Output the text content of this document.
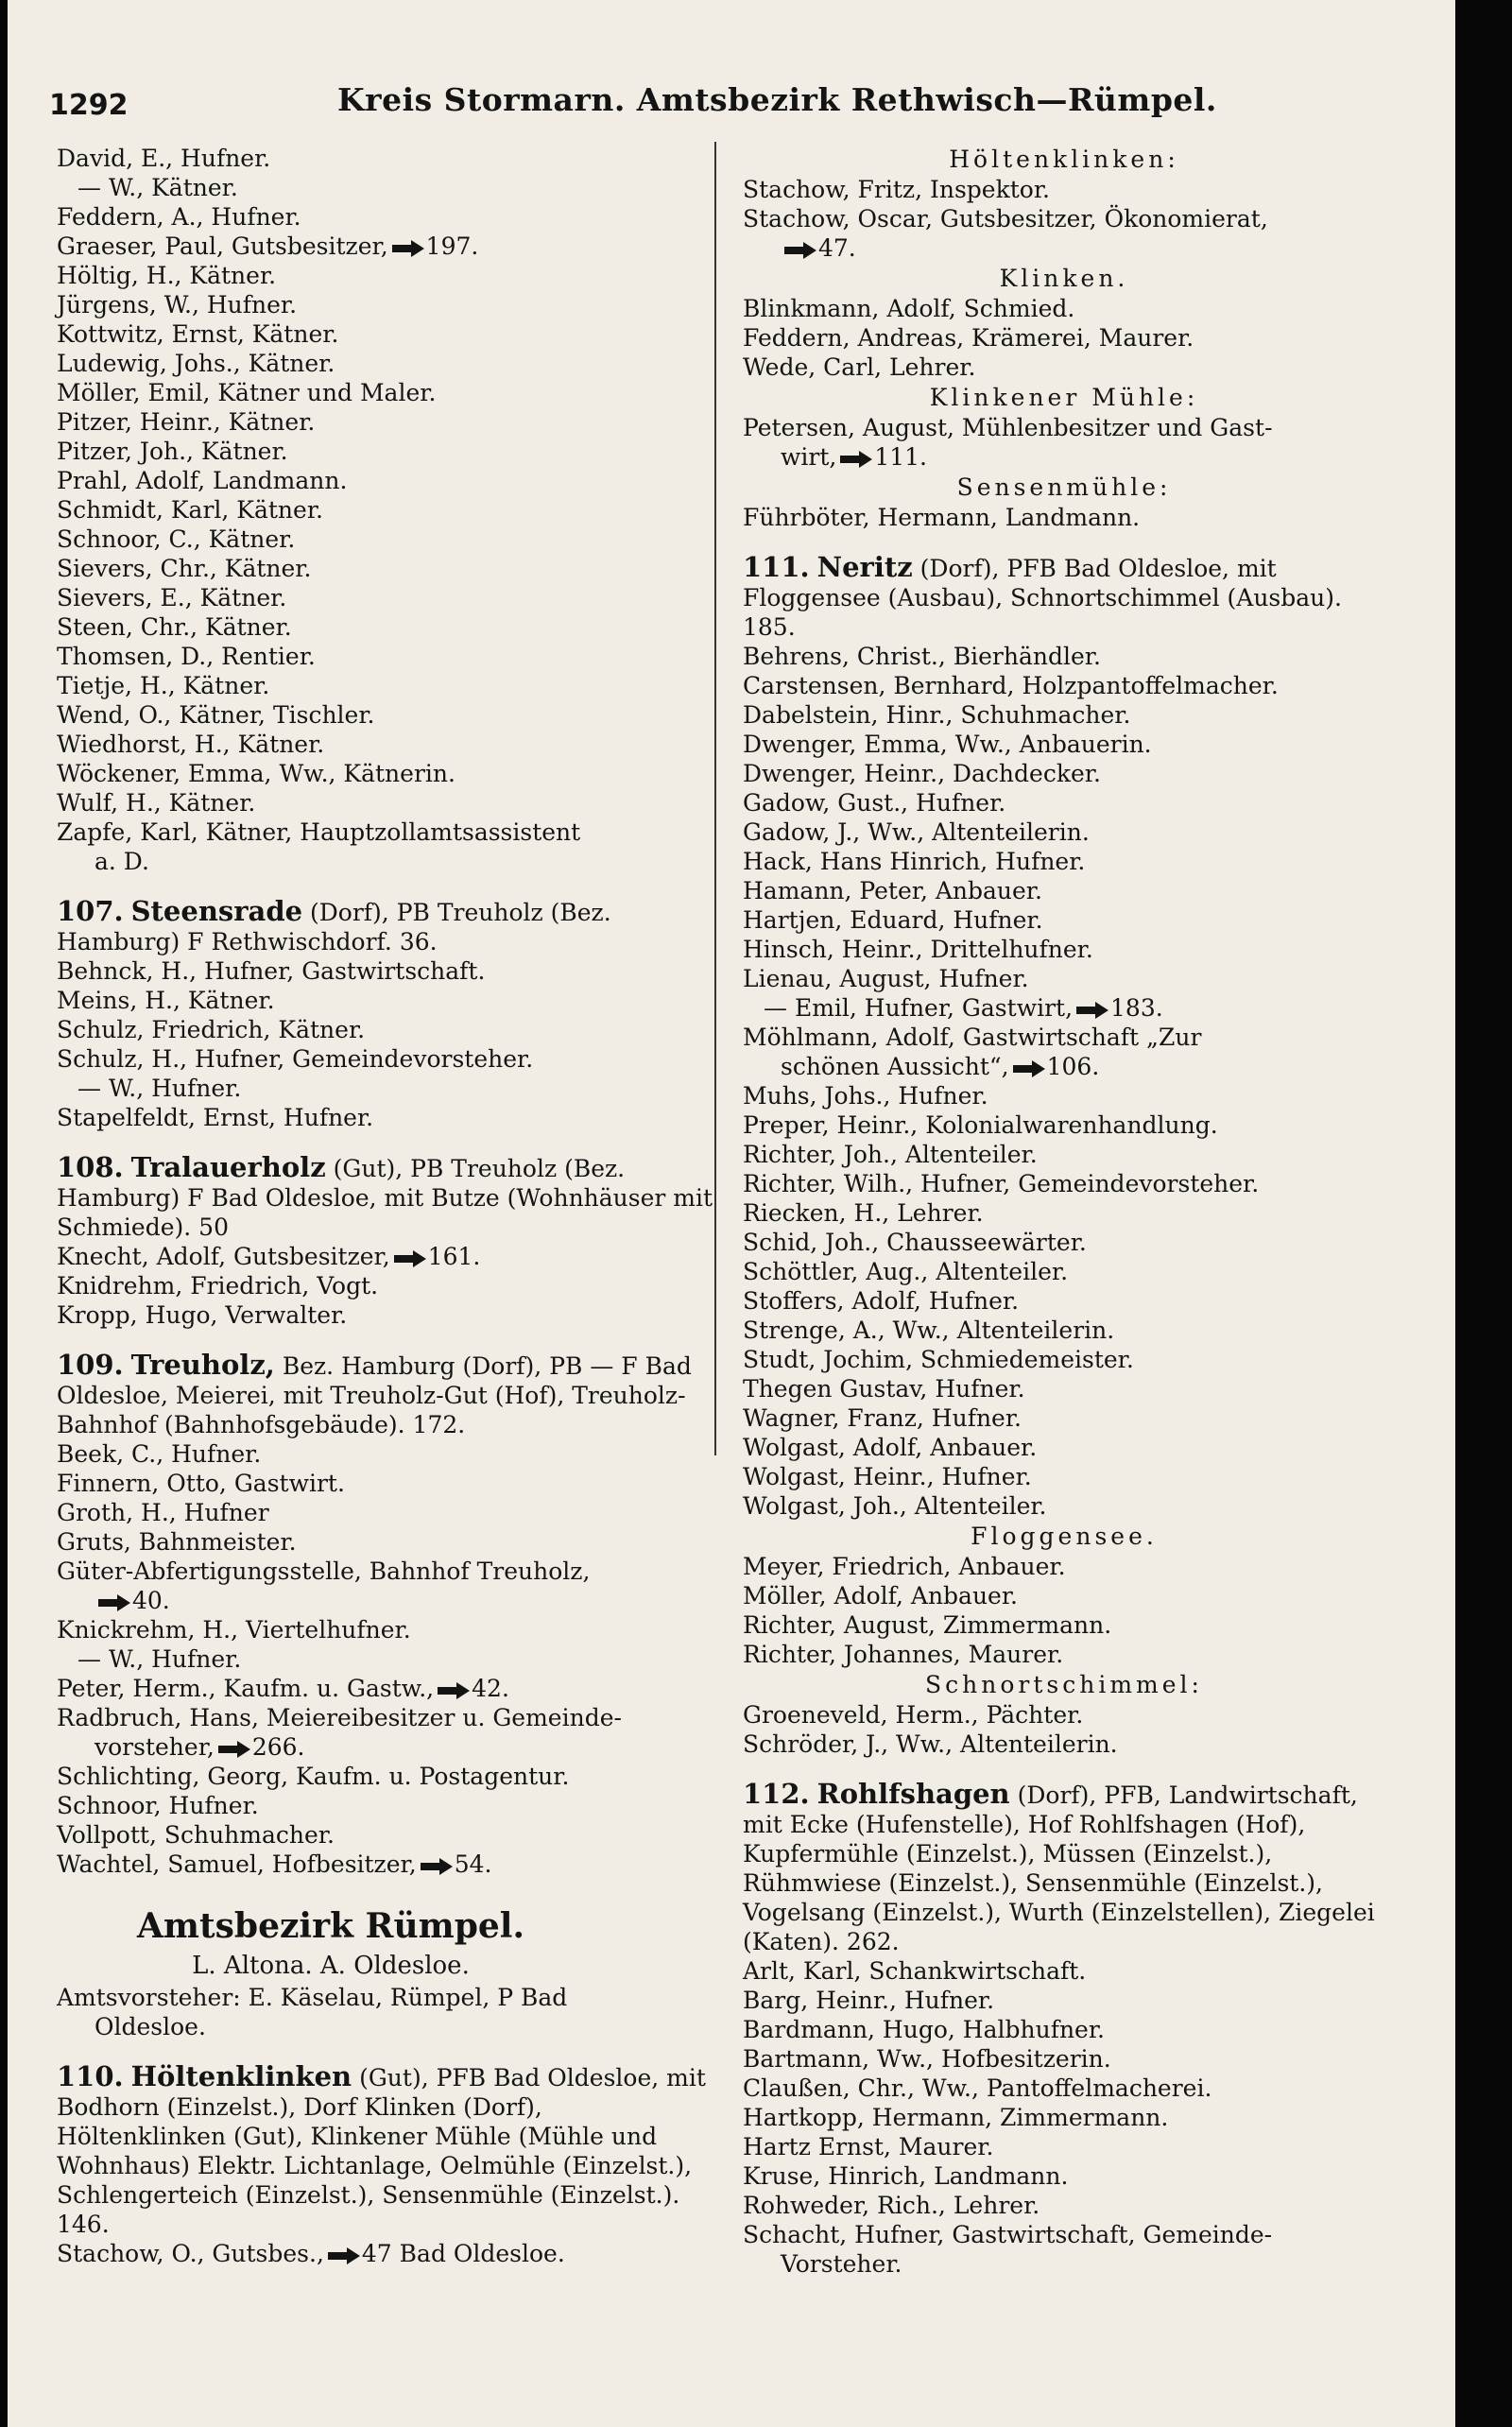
1292	Kreis Stormarn. Amtsbezirk Rethwisch—Rümpel.
David, E., Hufner.
— W., Kätner.
Feddern, A., Hufner.
Graeser, Paul, Gutsbesitzer, 197.
Höltig, H., Kätner.
Jürgens, W., Hufner.
Kottwitz, Ernst, Kätner.
Ludewig, Johs., Kätner.
Möller, Emil, Kätner und Maler.
Pitzer, Heinr., Kätner.
Pitzer, Joh., Kätner.
Prahl, Adolf, Landmann.
Schmidt, Karl, Kätner.
Schnoor, C., Kätner.
Sievers, Chr., Kätner.
Sievers, E., Kätner.
Steen, Chr., Kätner.
Thomsen, D., Rentier.
Tietje, H., Kätner.
Wend, O., Kätner, Tischler.
Wiedhorst, H., Kätner.
Wöckener, Emma, Ww., Kätnerin.
Wulf, H., Kätner.
Zapfe, Karl, Kätner, Hauptzollamtsassistent
a. D.
107. Steensrade (Dorf), PB Treuholz (Bez. Hamburg) F Rethwischdorf. 36.
Behnck, H., Hufner, Gastwirtschaft.
Meins, H., Kätner.
Schulz, Friedrich, Kätner.
Schulz, H., Hufner, Gemeindevorsteher.
— W., Hufner.
Stapelfeldt, Ernst, Hufner.
108. Tralauerholz (Gut), PB Treuholz (Bez. Hamburg) F Bad Oldesloe, mit Butze (Wohnhäuser mit Schmiede). 50
Knecht, Adolf, Gutsbesitzer, 161.
Knidrehm, Friedrich, Vogt.
Kropp, Hugo, Verwalter.
109. Treuholz, Bez. Hamburg (Dorf), PB — F Bad Oldesloe, Meierei, mit Treuholz-Gut (Hof), Treuholz-Bahnhof (Bahnhofsgebäude). 172.
Beek, C., Hufner.
Finnern, Otto, Gastwirt.
Groth, H., Hufner
Gruts, Bahnmeister.
Güter-Abfertigungsstelle, Bahnhof Treuholz,
40.
Knickrehm, H., Viertelhufner.
— W., Hufner.
Peter, Herm., Kaufm. u. Gastw., 42.
Radbruch, Hans, Meiereibesitzer u. Gemeinde-
vorsteher, 266.
Schlichting, Georg, Kaufm. u. Postagentur.
Schnoor, Hufner.
Vollpott, Schuhmacher.
Wachtel, Samuel, Hofbesitzer, 54.
Amtsbezirk Rümpel.
L. Altona. A. Oldesloe.
Amtsvorsteher: E. Käselau, Rümpel, P Bad
Oldesloe.
110. Höltenklinken (Gut), PFB Bad Oldesloe, mit Bodhorn (Einzelst.), Dorf Klinken (Dorf), Höltenklinken (Gut), Klinkener Mühle (Mühle und Wohnhaus) Elektr. Lichtanlage, Oelmühle (Einzelst.), Schlengerteich (Einzelst.), Sensenmühle (Einzelst.). 146.
Stachow, O., Gutsbes., 47 Bad Oldesloe.
Höltenklinken:
Stachow, Fritz, Inspektor.
Stachow, Oscar, Gutsbesitzer, Ökonomierat,
47.
Klinken.
Blinkmann, Adolf, Schmied.
Feddern, Andreas, Krämerei, Maurer.
Wede, Carl, Lehrer.
Klinkener Mühle:
Petersen, August, Mühlenbesitzer und Gast-
wirt, 111.
Sensenmühle:
Führböter, Hermann, Landmann.
111. Neritz (Dorf), PFB Bad Oldesloe, mit Floggensee (Ausbau), Schnortschimmel (Ausbau). 185.
Behrens, Christ., Bierhändler.
Carstensen, Bernhard, Holzpantoffelmacher.
Dabelstein, Hinr., Schuhmacher.
Dwenger, Emma, Ww., Anbauerin.
Dwenger, Heinr., Dachdecker.
Gadow, Gust., Hufner.
Gadow, J., Ww., Altenteilerin.
Hack, Hans Hinrich, Hufner.
Hamann, Peter, Anbauer.
Hartjen, Eduard, Hufner.
Hinsch, Heinr., Drittelhufner.
Lienau, August, Hufner.
— Emil, Hufner, Gastwirt, 183.
Möhlmann, Adolf, Gastwirtschaft „Zur
schönen Aussicht“, 106.
Muhs, Johs., Hufner.
Preper, Heinr., Kolonialwarenhandlung.
Richter, Joh., Altenteiler.
Richter, Wilh., Hufner, Gemeindevorsteher.
Riecken, H., Lehrer.
Schid, Joh., Chausseewärter.
Schöttler, Aug., Altenteiler.
Stoffers, Adolf, Hufner.
Strenge, A., Ww., Altenteilerin.
Studt, Jochim, Schmiedemeister.
Thegen Gustav, Hufner.
Wagner, Franz, Hufner.
Wolgast, Adolf, Anbauer.
Wolgast, Heinr., Hufner.
Wolgast, Joh., Altenteiler.
Floggensee.
Meyer, Friedrich, Anbauer.
Möller, Adolf, Anbauer.
Richter, August, Zimmermann.
Richter, Johannes, Maurer.
Schnortschimmel:
Groeneveld, Herm., Pächter.
Schröder, J., Ww., Altenteilerin.
112. Rohlfshagen (Dorf), PFB, Landwirtschaft, mit Ecke (Hufenstelle), Hof Rohlfshagen (Hof), Kupfermühle (Einzelst.), Müssen (Einzelst.), Rühmwiese (Einzelst.), Sensenmühle (Einzelst.), Vogelsang (Einzelst.), Wurth (Einzelstellen), Ziegelei (Katen). 262.
Arlt, Karl, Schankwirtschaft.
Barg, Heinr., Hufner.
Bardmann, Hugo, Halbhufner.
Bartmann, Ww., Hofbesitzerin.
Claußen, Chr., Ww., Pantoffelmacherei.
Hartkopp, Hermann, Zimmermann.
Hartz Ernst, Maurer.
Kruse, Hinrich, Landmann.
Rohweder, Rich., Lehrer.
Schacht, Hufner, Gastwirtschaft, Gemeinde-
Vorsteher.
